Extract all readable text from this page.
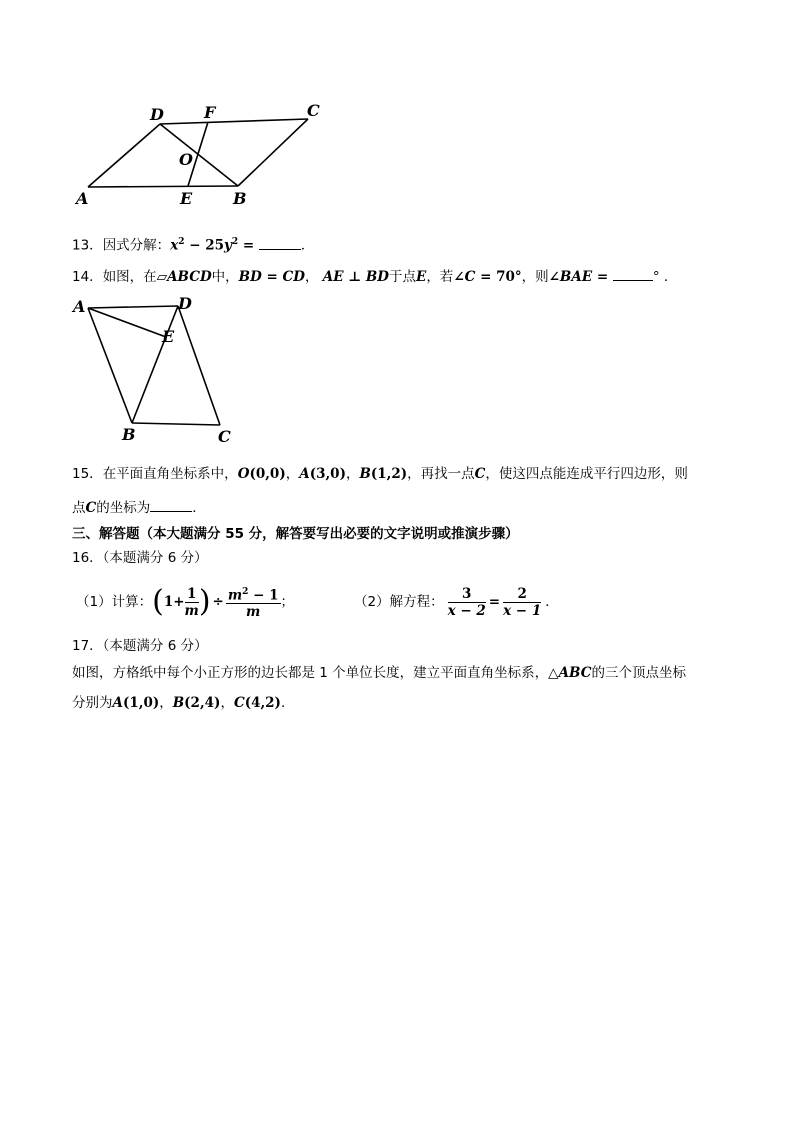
D	F	C
O
A	E	B
13．因式分解：$x^2 - 25y^2$ =	．
14．如图，在▱ABCD中，BD = CD， AE ⊥ BD于点E，若∠C = 70°，则∠BAE =	° ．
A	D
E
B	C
15．在平面直角坐标系中，O(0,0)，A(3,0)，B(1,2)，再找一点C，使这四点能连成平行四边形，则
点C的坐标为	．
三、解答题（本大题满分 55 分，解答要写出必要的文字说明或推演步骤）
16．（本题满分 6 分）
（1）计算： ( $1 + \frac{1}{m}$ ) ÷ $\frac{m^2 - 1}{m}$ ；	（2）解方程： $\frac{3}{x - 2} = \frac{2}{x - 1}$ ．
17．（本题满分 6 分）
如图，方格纸中每个小正方形的边长都是 1 个单位长度，建立平面直角坐标系，△ABC的三个顶点坐标
分别为A(1,0)，B(2,4)，C(4,2)．
